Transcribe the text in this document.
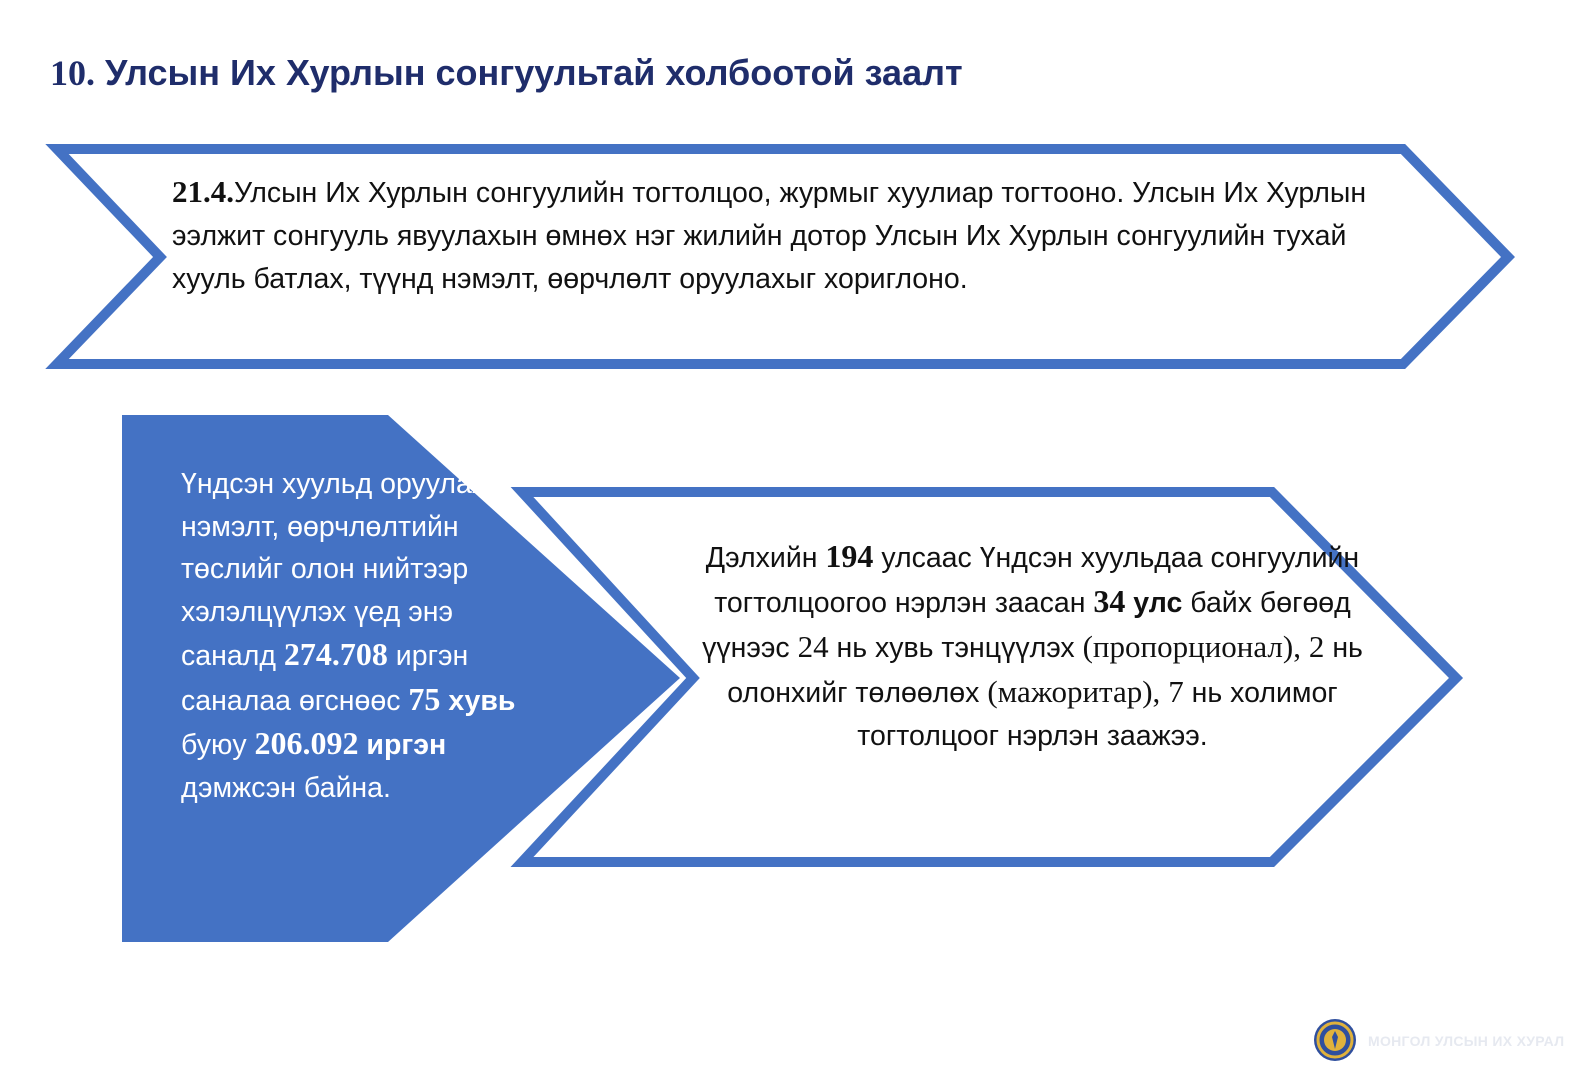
10. Улсын Их Хурлын сонгуультай холбоотой заалт

21.4.Улсын Их Хурлын сонгуулийн тогтолцоо, журмыг хуулиар тогтооно. Улсын Их Хурлын ээлжит сонгууль явуулахын өмнөх нэг жилийн дотор Улсын Их Хурлын сонгуулийн тухай хууль батлах, түүнд нэмэлт, өөрчлөлт оруулахыг хориглоно.

Үндсэн хуульд оруулах нэмэлт, өөрчлөлтийн төслийг олон нийтээр хэлэлцүүлэх үед энэ саналд 274.708 иргэн саналаа өгснөөс 75 хувь буюу 206.092 иргэн дэмжсэн байна.

Дэлхийн 194 улсаас Үндсэн хуульдаа сонгуулийн тогтолцоогоо нэрлэн заасан 34 улс байх бөгөөд үүнээс 24 нь хувь тэнцүүлэх (пропорционал), 2 нь олонхийг төлөөлөх (мажоритар), 7 нь холимог тогтолцоог нэрлэн заажээ.

МОНГОЛ УЛСЫН ИХ ХУРАЛ
